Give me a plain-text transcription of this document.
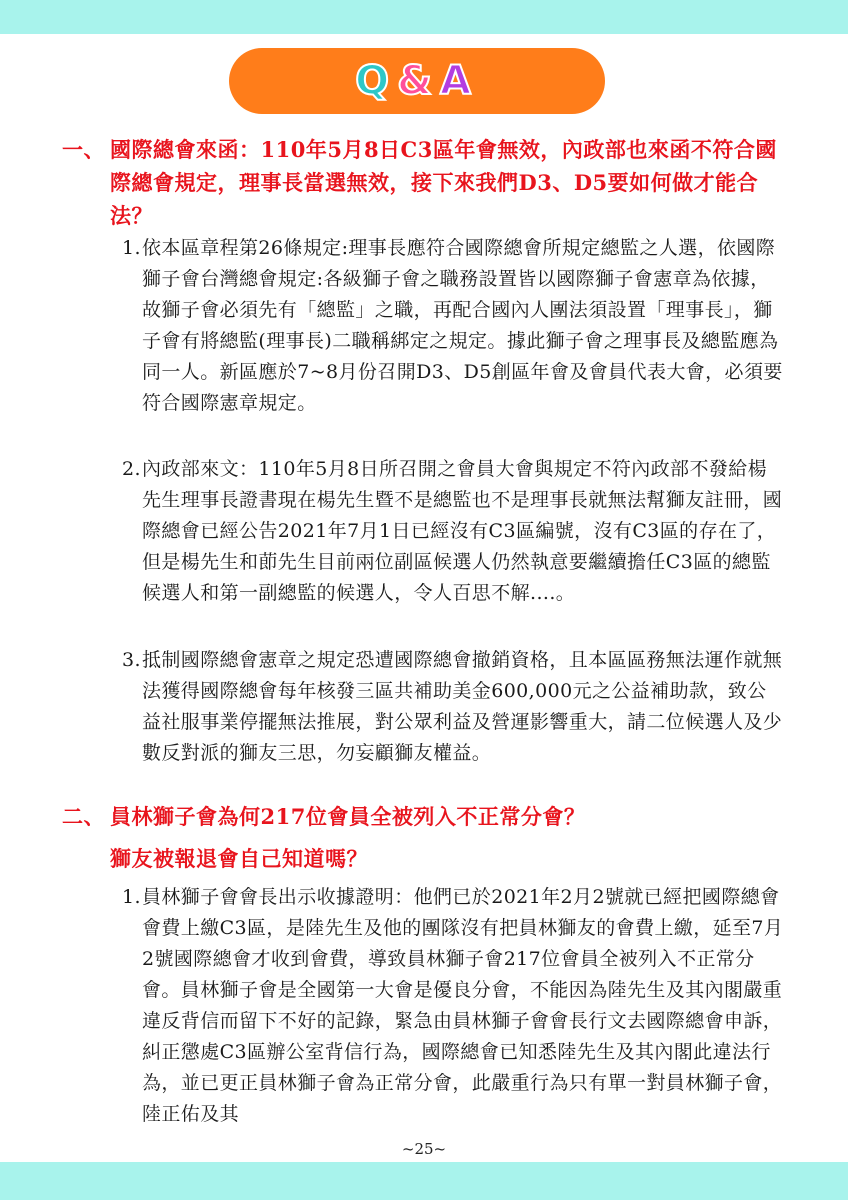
Q&A
一、 國際總會來函：110年5月8日C3區年會無效，內政部也來函不符合國際總會規定，理事長當選無效，接下來我們D3、D5要如何做才能合法？
1. 依本區章程第26條規定:理事長應符合國際總會所規定總監之人選，依國際獅子會台灣總會規定:各級獅子會之職務設置皆以國際獅子會憲章為依據，故獅子會必須先有「總監」之職，再配合國內人團法須設置「理事長」，獅子會有將總監(理事長)二職稱綁定之規定。據此獅子會之理事長及總監應為同一人。新區應於7~8月份召開D3、D5創區年會及會員代表大會，必須要符合國際憲章規定。
2. 內政部來文：110年5月8日所召開之會員大會與規定不符內政部不發給楊先生理事長證書現在楊先生暨不是總監也不是理事長就無法幫獅友註冊，國際總會已經公告2021年7月1日已經沒有C3區編號，沒有C3區的存在了，但是楊先生和莭先生目前兩位副區候選人仍然執意要繼續擔任C3區的總監候選人和第一副總監的候選人，令人百思不解....。
3. 抵制國際總會憲章之規定恐遭國際總會撤銷資格，且本區區務無法運作就無法獲得國際總會每年核發三區共補助美金600,000元之公益補助款，致公益社服事業停擺無法推展，對公眾利益及營運影響重大，請二位候選人及少數反對派的獅友三思，勿妄顧獅友權益。
二、 員林獅子會為何217位會員全被列入不正常分會？
獅友被報退會自己知道嗎？
1. 員林獅子會會長出示收據證明：他們已於2021年2月2號就已經把國際總會會費上繳C3區，是陸先生及他的團隊沒有把員林獅友的會費上繳，延至7月2號國際總會才收到會費，導致員林獅子會217位會員全被列入不正常分會。員林獅子會是全國第一大會是優良分會，不能因為陸先生及其內閣嚴重違反背信而留下不好的記錄，緊急由員林獅子會會長行文去國際總會申訴，糾正懲處C3區辦公室背信行為，國際總會已知悉陸先生及其內閣此違法行為，並已更正員林獅子會為正常分會，此嚴重行為只有單一對員林獅子會，陸正佑及其
~25~
